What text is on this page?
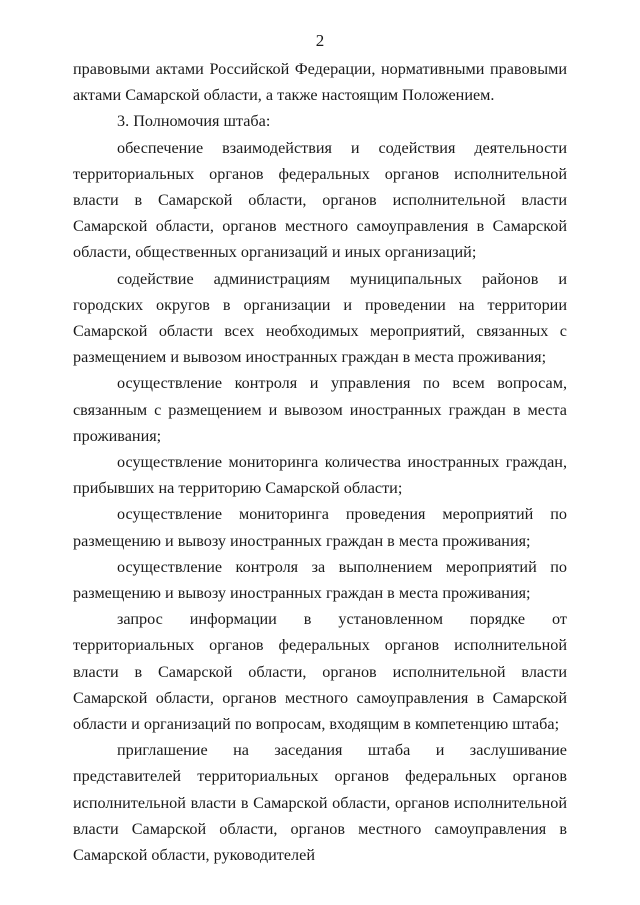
2

правовыми актами Российской Федерации, нормативными правовыми актами Самарской области, а также настоящим Положением.

3. Полномочия штаба:

обеспечение взаимодействия и содействия деятельности территориальных органов федеральных органов исполнительной власти в Самарской области, органов исполнительной власти Самарской области, органов местного самоуправления в Самарской области, общественных организаций и иных организаций;

содействие администрациям муниципальных районов и городских округов в организации и проведении на территории Самарской области всех необходимых мероприятий, связанных с размещением и вывозом иностранных граждан в места проживания;

осуществление контроля и управления по всем вопросам, связанным с размещением и вывозом иностранных граждан в места проживания;

осуществление мониторинга количества иностранных граждан, прибывших на территорию Самарской области;

осуществление мониторинга проведения мероприятий по размещению и вывозу иностранных граждан в места проживания;

осуществление контроля за выполнением мероприятий по размещению и вывозу иностранных граждан в места проживания;

запрос информации в установленном порядке от территориальных органов федеральных органов исполнительной власти в Самарской области, органов исполнительной власти Самарской области, органов местного самоуправления в Самарской области и организаций по вопросам, входящим в компетенцию штаба;

приглашение на заседания штаба и заслушивание представителей территориальных органов федеральных органов исполнительной власти в Самарской области, органов исполнительной власти Самарской области, органов местного самоуправления в Самарской области, руководителей
